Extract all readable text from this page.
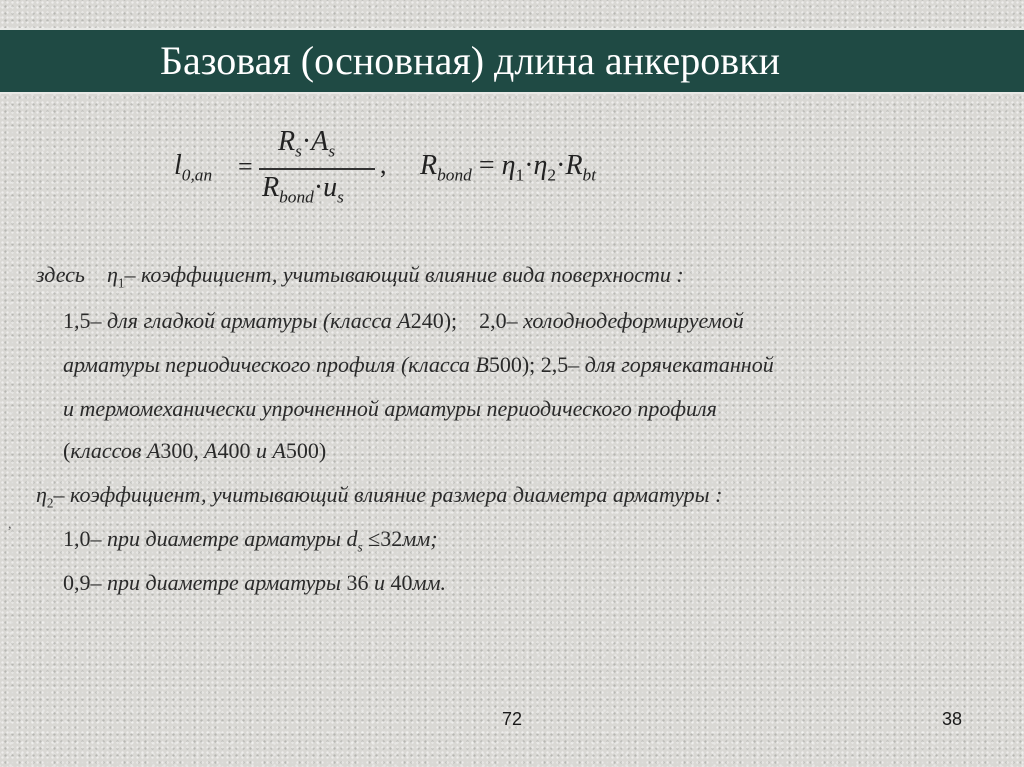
Базовая (основная) длина анкеровки
$l_{0,an}$ =
$R_s\cdot A_s$
$R_{bond}\cdot u_s$
, $R_{bond} = \eta_1\cdot\eta_2\cdot R_{bt}$
здесь $\eta_1-$ коэффициент, учитывающий влияние вида поверхности :
1,5– для гладкой арматуры (класса A240); 2,0– холоднодеформируемой
арматуры периодического профиля (класса B500); 2,5– для горячекатанной
и термомеханически упрочненной арматуры периодического профиля
(классов A300, A400 и A500)
$\eta_2-$ коэффициент, учитывающий влияние размера диаметра арматуры :
1,0– при диаметре арматуры $d_s \le 32мм$;
0,9– при диаметре арматуры 36 и 40мм.
,
72	38
